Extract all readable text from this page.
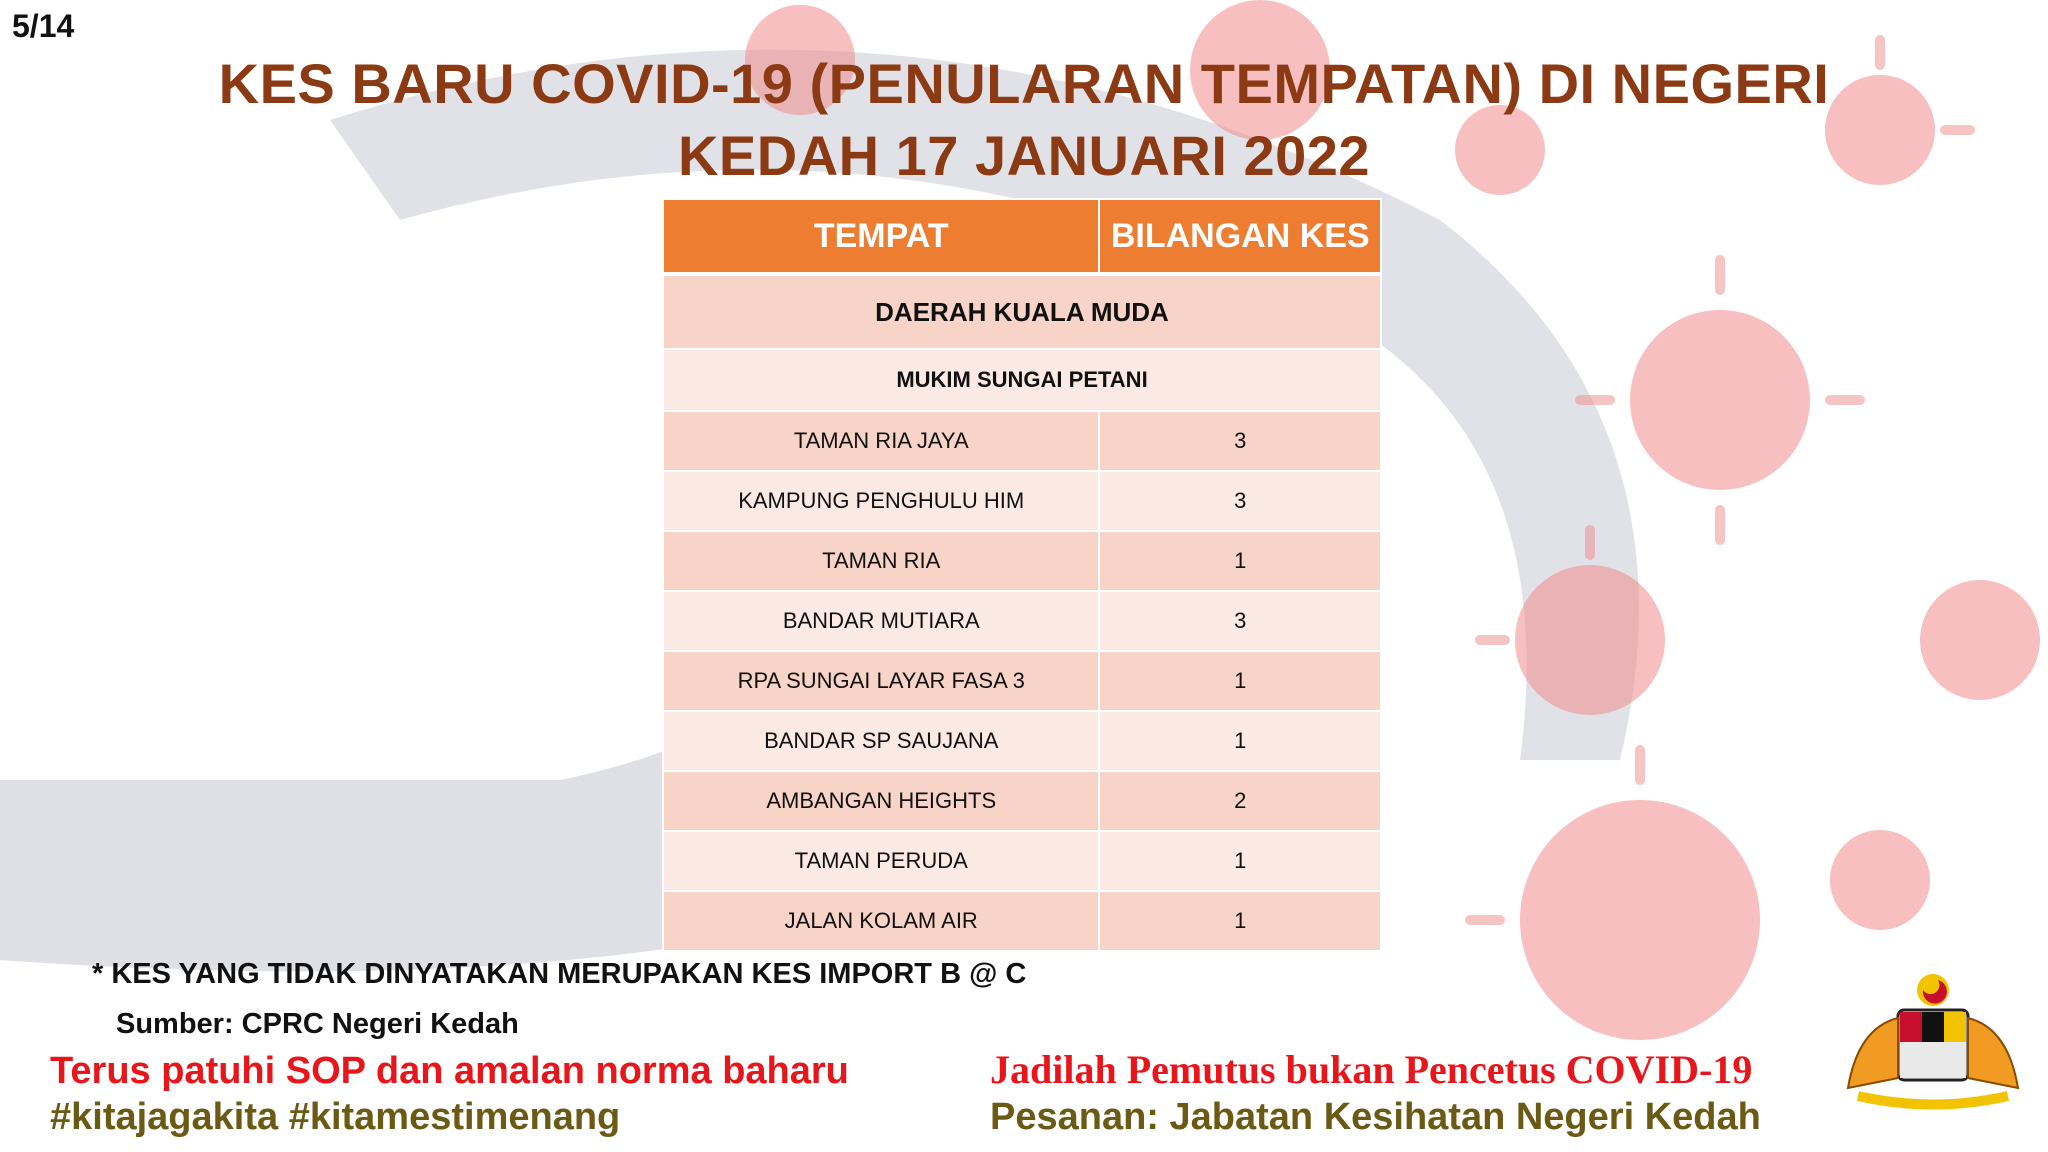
5/14
KES BARU COVID-19 (PENULARAN TEMPATAN) DI NEGERI
KEDAH 17 JANUARI 2022
TEMPAT	BILANGAN KES
DAERAH KUALA MUDA	
MUKIM SUNGAI PETANI	
TAMAN RIA JAYA	3
KAMPUNG PENGHULU HIM	3
TAMAN RIA	1
BANDAR MUTIARA	3
RPA SUNGAI LAYAR FASA 3	1
BANDAR SP SAUJANA	1
AMBANGAN HEIGHTS	2
TAMAN PERUDA	1
JALAN KOLAM AIR	1
* KES YANG TIDAK DINYATAKAN MERUPAKAN KES IMPORT B @ C
Sumber: CPRC Negeri Kedah
Terus patuhi SOP dan amalan norma baharu
#kitajagakita #kitamestimenang
Jadilah Pemutus bukan Pencetus COVID-19
Pesanan: Jabatan Kesihatan Negeri Kedah
